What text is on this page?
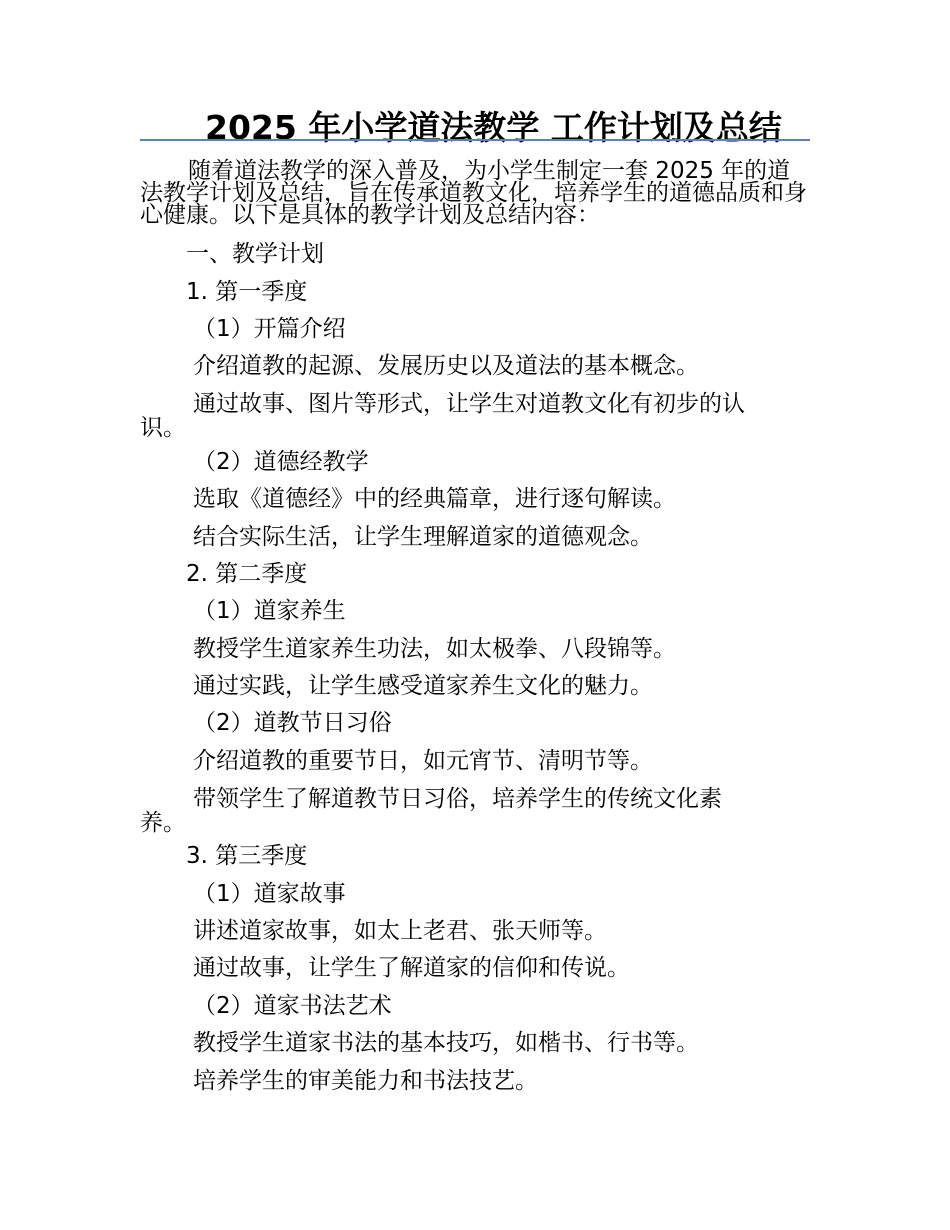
2025 年小学道法教学 工作计划及总结
随着道法教学的深入普及，为小学生制定一套 2025 年的道法教学计划及总结，旨在传承道教文化，培养学生的道德品质和身心健康。以下是具体的教学计划及总结内容：
一、教学计划
1. 第一季度
（1）开篇介绍
介绍道教的起源、发展历史以及道法的基本概念。
通过故事、图片等形式，让学生对道教文化有初步的认
识。
（2）道德经教学
选取《道德经》中的经典篇章，进行逐句解读。
结合实际生活，让学生理解道家的道德观念。
2. 第二季度
（1）道家养生
教授学生道家养生功法，如太极拳、八段锦等。
通过实践，让学生感受道家养生文化的魅力。
（2）道教节日习俗
介绍道教的重要节日，如元宵节、清明节等。
带领学生了解道教节日习俗，培养学生的传统文化素
养。
3. 第三季度
（1）道家故事
讲述道家故事，如太上老君、张天师等。
通过故事，让学生了解道家的信仰和传说。
（2）道家书法艺术
教授学生道家书法的基本技巧，如楷书、行书等。
培养学生的审美能力和书法技艺。
